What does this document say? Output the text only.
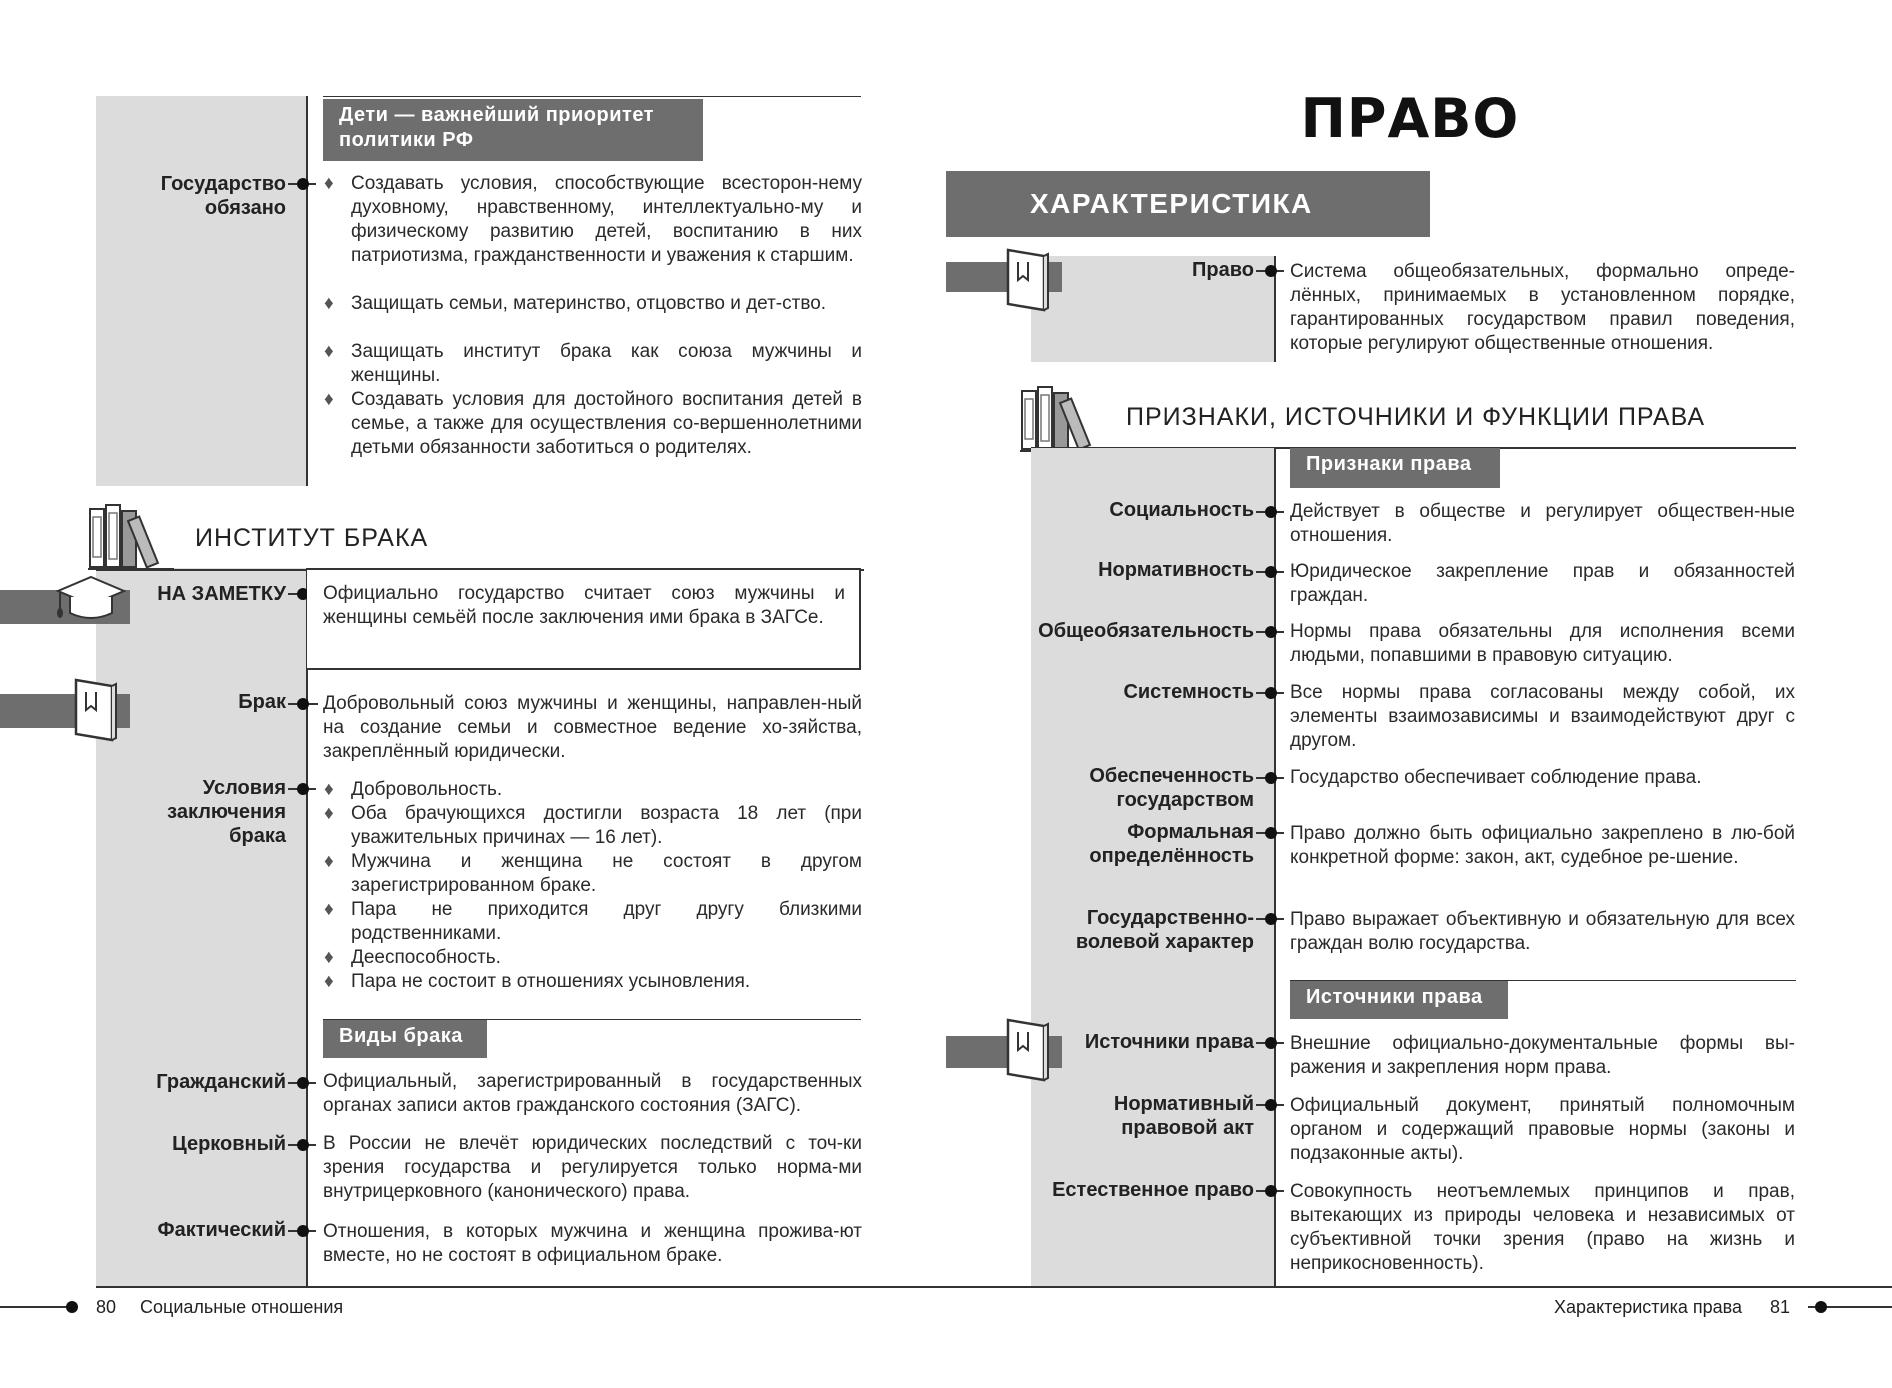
Дети — важнейший приоритет политики РФ
Государство обязано
♦ Создавать условия, способствующие всесторон-нему духовному, нравственному, интеллектуально-му и физическому развитию детей, воспитанию в них патриотизма, гражданственности и уважения к старшим.
♦ Защищать семьи, материнство, отцовство и дет-ство.
♦ Защищать институт брака как союза мужчины и женщины.
♦ Создавать условия для достойного воспитания детей в семье, а также для осуществления со-вершеннолетними детьми обязанности заботиться о родителях.
ИНСТИТУТ БРАКА
НА ЗАМЕТКУ Официально государство считает союз мужчины и женщины семьёй после заключения ими брака в ЗАГСе.
Брак Добровольный союз мужчины и женщины, направлен-ный на создание семьи и совместное ведение хо-зяйства, закреплённый юридически.
Условия заключения брака
♦ Добровольность.
♦ Оба брачующихся достигли возраста 18 лет (при уважительных причинах — 16 лет).
♦ Мужчина и женщина не состоят в другом зарегистрированном браке.
♦ Пара не приходится друг другу близкими родственниками.
♦ Дееспособность.
♦ Пара не состоит в отношениях усыновления.
Виды брака
Гражданский Официальный, зарегистрированный в государственных органах записи актов гражданского состояния (ЗАГС).
Церковный В России не влечёт юридических последствий с точ-ки зрения государства и регулируется только норма-ми внутрицерковного (канонического) права.
Фактический Отношения, в которых мужчина и женщина прожива-ют вместе, но не состоят в официальном браке.
80 Социальные отношения
ПРАВО
ХАРАКТЕРИСТИКА
Право Система общеобязательных, формально опреде-лённых, принимаемых в установленном порядке, гарантированных государством правил поведения, которые регулируют общественные отношения.
ПРИЗНАКИ, ИСТОЧНИКИ И ФУНКЦИИ ПРАВА
Признаки права
Социальность Действует в обществе и регулирует обществен-ные отношения.
Нормативность Юридическое закрепление прав и обязанностей граждан.
Общеобязательность Нормы права обязательны для исполнения всеми людьми, попавшими в правовую ситуацию.
Системность Все нормы права согласованы между собой, их элементы взаимозависимы и взаимодействуют друг с другом.
Обеспеченность государством
Государство обеспечивает соблюдение права.
Формальная определённость
Право должно быть официально закреплено в лю-бой конкретной форме: закон, акт, судебное ре-шение.
Государственно-волевой характер
Право выражает объективную и обязательную для всех граждан волю государства.
Источники права
Источники права Внешние официально-документальные формы вы-ражения и закрепления норм права.
Нормативный правовой акт
Официальный документ, принятый полномочным органом и содержащий правовые нормы (законы и подзаконные акты).
Естественное право Совокупность неотъемлемых принципов и прав, вытекающих из природы человека и независимых от субъективной точки зрения (право на жизнь и неприкосновенность).
Характеристика права 81
